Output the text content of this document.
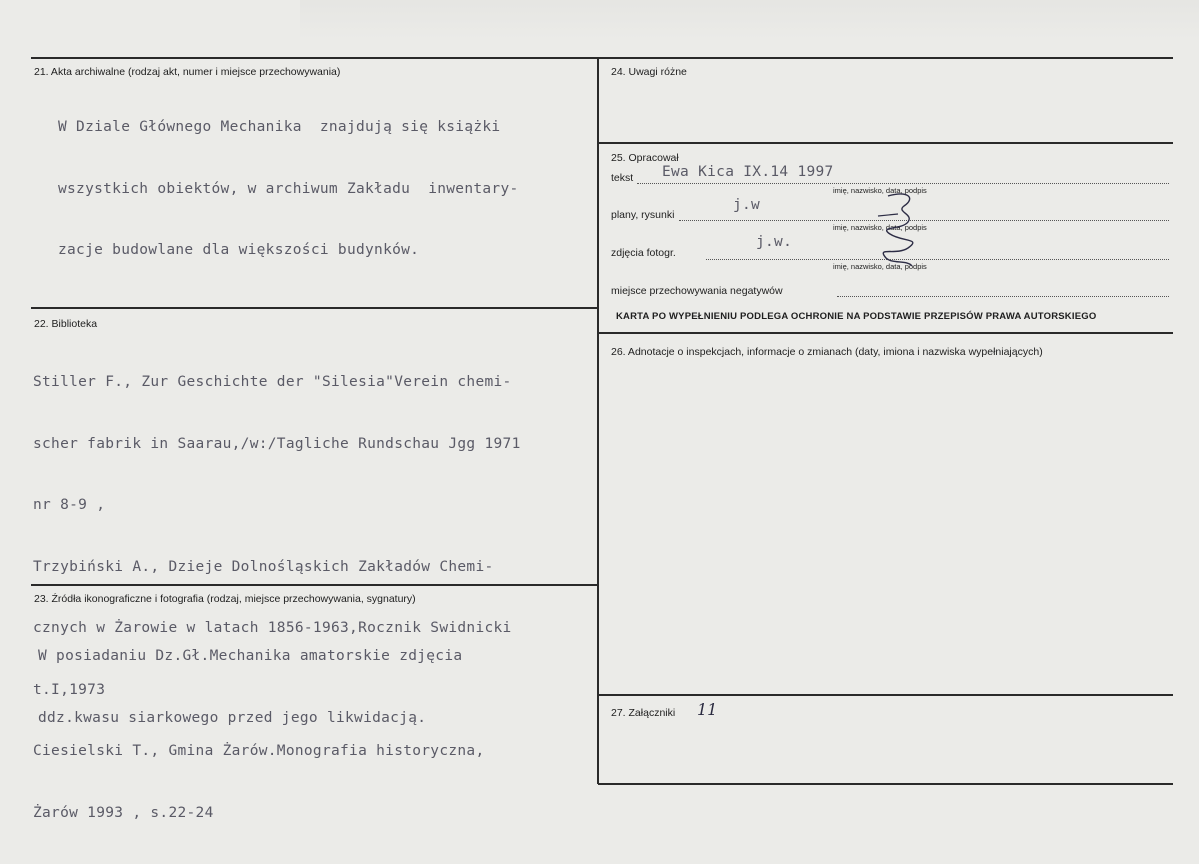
21. Akta archiwalne (rodzaj akt, numer i miejsce przechowywania)

W Dziale Głównego Mechanika  znajdują się książki

wszystkich obiektów, w archiwum Zakładu  inwentary-

zacje budowlane dla większości budynków.

22. Biblioteka

Stiller F., Zur Geschichte der "Silesia"Verein chemi-

scher fabrik in Saarau,/w:/Tagliche Rundschau Jgg 1971

nr 8-9 ,

Trzybiński A., Dzieje Dolnośląskich Zakładów Chemi-

cznych w Żarowie w latach 1856-1963,Rocznik Swidnicki

t.I,1973

Ciesielski T., Gmina Żarów.Monografia historyczna,

Żarów 1993 , s.22-24

23. Źródła ikonograficzne i fotografia (rodzaj, miejsce przechowywania, sygnatury)

W posiadaniu Dz.Gł.Mechanika amatorskie zdjęcia

ddz.kwasu siarkowego przed jego likwidacją.

24. Uwagi różne
25. Opracował
tekst Ewa Kica IX.14 1997
imię, nazwisko, data, podpis
plany, rysunki
j.w
imię, nazwisko, data, podpis
zdjęcia fotogr.
j.w.
imię, nazwisko, data, podpis
miejsce przechowywania negatywów
KARTA PO WYPEŁNIENIU PODLEGA OCHRONIE NA PODSTAWIE PRZEPISÓW PRAWA AUTORSKIEGO
26. Adnotacje o inspekcjach, informacje o zmianach (daty, imiona i nazwiska wypełniających)
27. Załączniki 11
